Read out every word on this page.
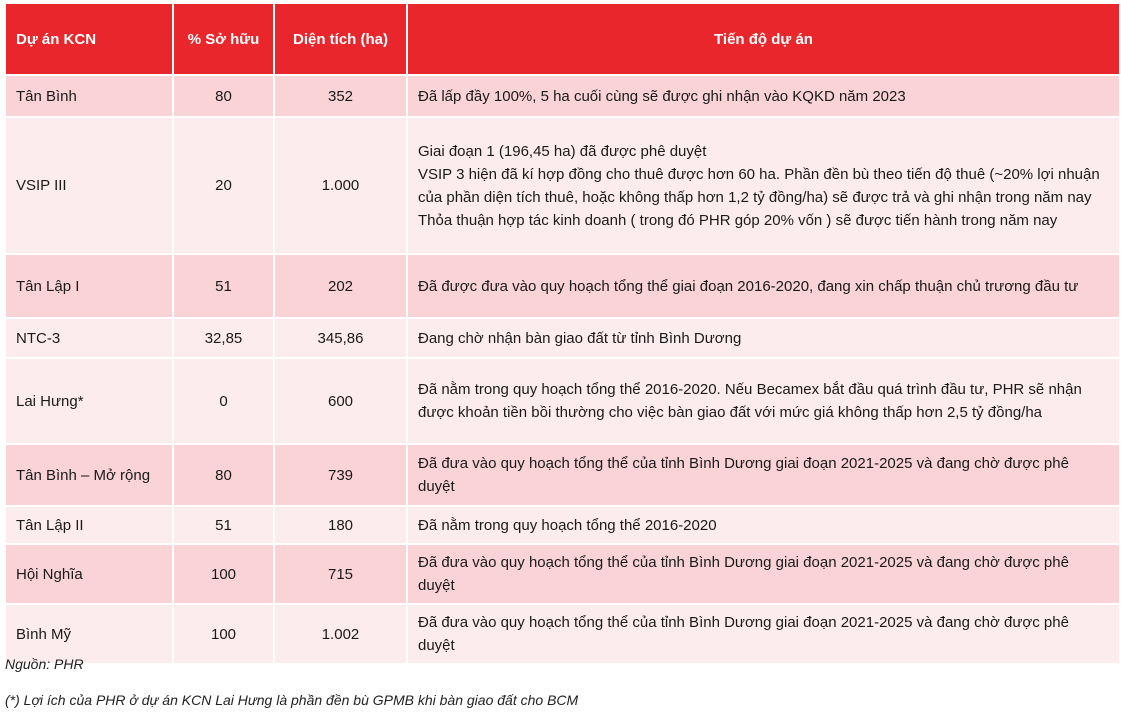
Dự án KCN	% Sở hữu	Diện tích (ha)	Tiến độ dự án
Tân Bình	80	352	Đã lấp đầy 100%, 5 ha cuối cùng sẽ được ghi nhận vào KQKD năm 2023

VSIP III	20	1.000	Giai đoạn 1 (196,45 ha) đã được phê duyệt
VSIP 3 hiện đã kí hợp đồng cho thuê được hơn 60 ha. Phần đền bù theo tiến độ thuê (~20% lợi nhuận của phần diện tích thuê, hoặc không thấp hơn 1,2 tỷ đồng/ha) sẽ được trả và ghi nhận trong năm nay
Thỏa thuận hợp tác kinh doanh ( trong đó PHR góp 20% vốn ) sẽ được tiến hành trong năm nay

Tân Lập I	51	202	Đã được đưa vào quy hoạch tổng thể giai đoạn 2016-2020, đang xin chấp thuận chủ trương đầu tư

NTC-3	32,85	345,86	Đang chờ nhận bàn giao đất từ tỉnh Bình Dương

Lai Hưng*	0	600	Đã nằm trong quy hoạch tổng thể 2016-2020. Nếu Becamex bắt đầu quá trình đầu tư, PHR sẽ nhận được khoản tiền bồi thường cho việc bàn giao đất với mức giá không thấp hơn 2,5 tỷ đồng/ha

Tân Bình – Mở rộng	80	739	Đã đưa vào quy hoạch tổng thể của tỉnh Bình Dương giai đoạn 2021-2025 và đang chờ được phê duyệt

Tân Lập II	51	180	Đã nằm trong quy hoạch tổng thể 2016-2020

Hội Nghĩa	100	715	Đã đưa vào quy hoạch tổng thể của tỉnh Bình Dương giai đoạn 2021-2025 và đang chờ được phê duyệt

Bình Mỹ	100	1.002	Đã đưa vào quy hoạch tổng thể của tỉnh Bình Dương giai đoạn 2021-2025 và đang chờ được phê duyệt
Nguồn: PHR
(*) Lợi ích của PHR ở dự án KCN Lai Hưng là phần đền bù GPMB khi bàn giao đất cho BCM
